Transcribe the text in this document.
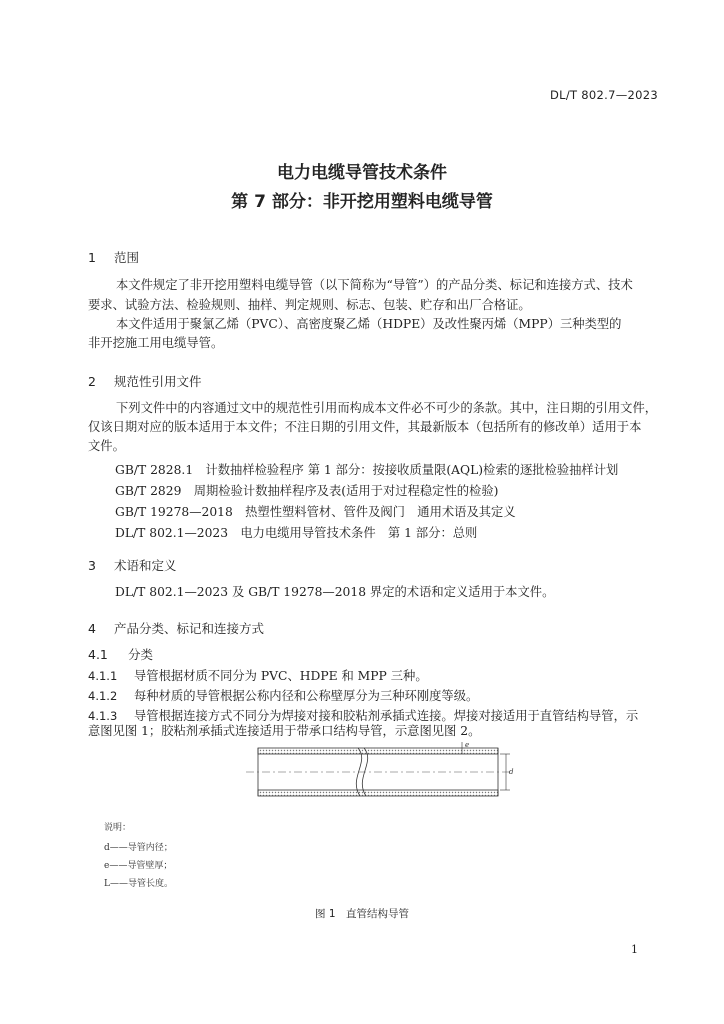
DL/T 802.7—2023
电力电缆导管技术条件
第 7 部分：非开挖用塑料电缆导管
1 范围
本文件规定了非开挖用塑料电缆导管（以下简称为“导管”）的产品分类、标记和连接方式、技术
要求、试验方法、检验规则、抽样、判定规则、标志、包装、贮存和出厂合格证。
本文件适用于聚氯乙烯（PVC）、高密度聚乙烯（HDPE）及改性聚丙烯（MPP）三种类型的
非开挖施工用电缆导管。
2 规范性引用文件
下列文件中的内容通过文中的规范性引用而构成本文件必不可少的条款。其中，注日期的引用文件，
仅该日期对应的版本适用于本文件；不注日期的引用文件，其最新版本（包括所有的修改单）适用于本
文件。
GB/T 2828.1　计数抽样检验程序 第 1 部分：按接收质量限(AQL)检索的逐批检验抽样计划
GB/T 2829　周期检验计数抽样程序及表(适用于对过程稳定性的检验)
GB/T 19278—2018　热塑性塑料管材、管件及阀门　通用术语及其定义
DL/T 802.1—2023　电力电缆用导管技术条件　第 1 部分：总则
3 术语和定义
DL/T 802.1—2023 及 GB/T 19278—2018 界定的术语和定义适用于本文件。
4 产品分类、标记和连接方式
4.1 分类
4.1.1 导管根据材质不同分为 PVC、HDPE 和 MPP 三种。
4.1.2 每种材质的导管根据公称内径和公称壁厚分为三种环刚度等级。
4.1.3 导管根据连接方式不同分为焊接对接和胶粘剂承插式连接。焊接对接适用于直管结构导管，示
意图见图 1；胶粘剂承插式连接适用于带承口结构导管，示意图见图 2。
e
d
说明：
d——导管内径；
e——导管壁厚；
L——导管长度。
图 1　直管结构导管
1
